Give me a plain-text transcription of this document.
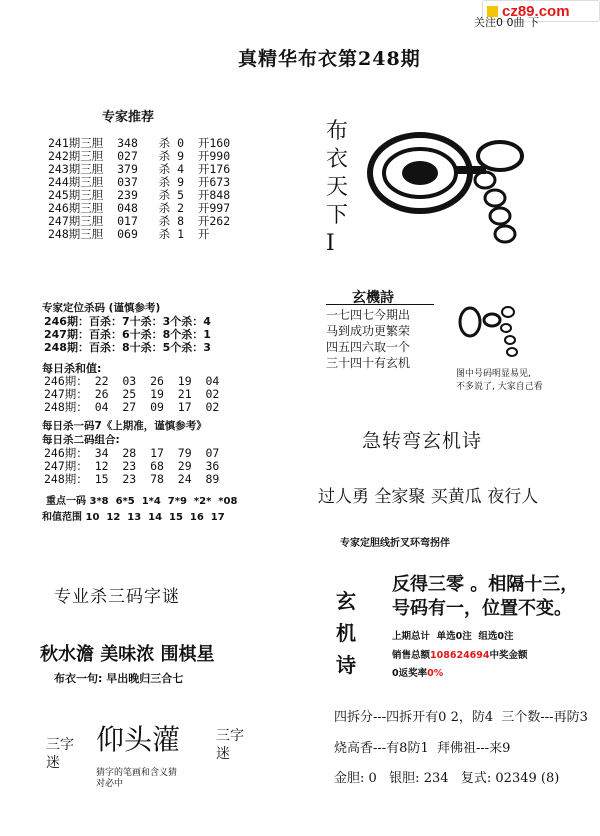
cz89.com
关注0 0曲 下
真精华布衣第248期
专家推荐
241期三胆  348   杀 0  开160
242期三胆  027   杀 9  开990
243期三胆  379   杀 4  开176
244期三胆  037   杀 9  开673
245期三胆  239   杀 5  开848
246期三胆  048   杀 2  开997
247期三胆  017   杀 8  开262
248期三胆  069   杀 1  开
专家定位杀码 (谨慎参考)
246期：百杀：7十杀：3个杀：4
247期：百杀：6十杀：8个杀：1
248期：百杀：8十杀：5个杀：3
每日杀和值:
246期： 22  03  26  19  04
247期： 26  25  19  21  02
248期： 04  27  09  17  02
每日杀一码7《上期准，谨慎参考》
每日杀二码组合:
246期： 34  28  17  79  07
247期： 12  23  68  29  36
248期： 15  23  78  24  89
重点一码 3*8  6*5  1*4  7*9  *2*  *08
和值范围 10  12  13  14  15  16  17
专业杀三码字谜
秋水澹 美味浓 围棋星
布衣一句: 早出晚归三合七
三字
迷
仰头灌
猜字的笔画和含义猜
对必中
三字
迷
布衣天下I
玄機詩
一七四七今期出
马到成功更繁荣
四五四六取一个
三十四十有玄机
图中号码明显易见,
不多说了, 大家自己看
急转弯玄机诗
过人勇 全家聚 买黄瓜 夜行人
专家定胆线折叉环弯拐伴
玄
机
诗
反得三零 。相隔十三，
号码有一，位置不变。
上期总计  单选0注  组选0注
销售总额108624694中奖金额
0返奖率0%
四拆分---四拆开有0 2，防4  三个数---再防3
烧高香---有8防1  拜佛祖---来9
金胆: 0   银胆: 234   复式: 02349 (8)
